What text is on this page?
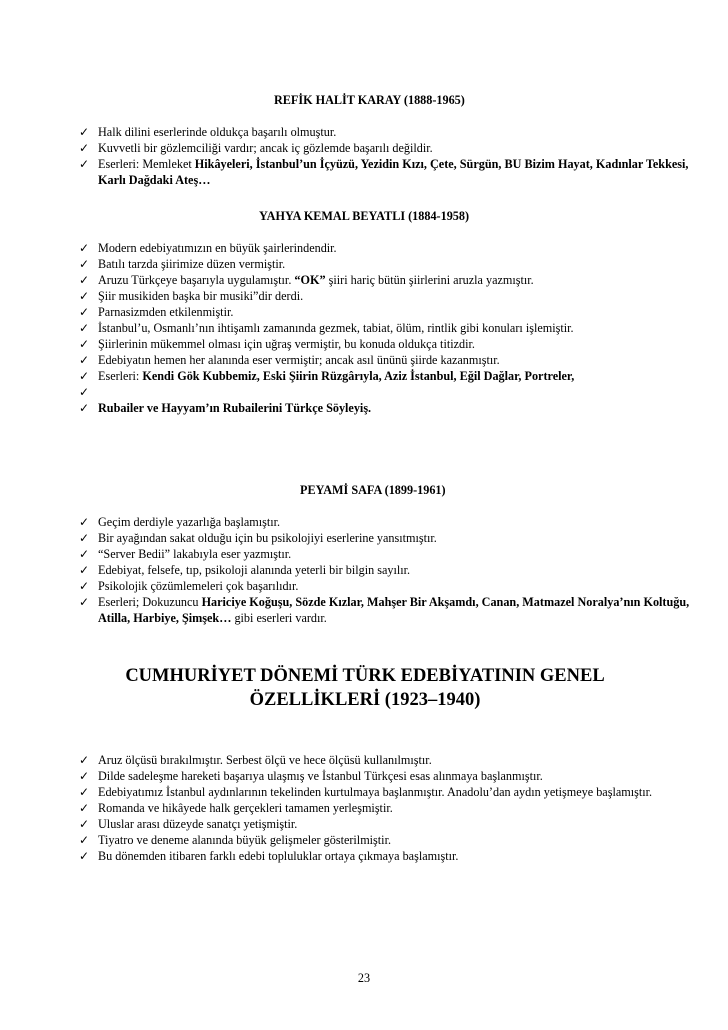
REFİK HALİT KARAY (1888-1965)
✓ Halk dilini eserlerinde oldukça başarılı olmuştur.
✓ Kuvvetli bir gözlemciliği vardır; ancak iç gözlemde başarılı değildir.
✓ Eserleri: Memleket Hikâyeleri, İstanbul’un İçyüzü, Yezidin Kızı, Çete, Sürgün, BU Bizim Hayat, Kadınlar Tekkesi, Karlı Dağdaki Ateş…
YAHYA KEMAL BEYATLI (1884-1958)
✓ Modern edebiyatımızın en büyük şairlerindendir.
✓ Batılı tarzda şiirimize düzen vermiştir.
✓ Aruzu Türkçeye başarıyla uygulamıştır. “OK” şiiri hariç bütün şiirlerini aruzla yazmıştır.
✓ Şiir musikiden başka bir musiki”dir derdi.
✓ Parnasizmden etkilenmiştir.
✓ İstanbul’u, Osmanlı’nın ihtişamlı zamanında gezmek, tabiat, ölüm, rintlik gibi konuları işlemiştir.
✓ Şiirlerinin mükemmel olması için uğraş vermiştir, bu konuda oldukça titizdir.
✓ Edebiyatın hemen her alanında eser vermiştir; ancak asıl ününü şiirde kazanmıştır.
✓ Eserleri: Kendi Gök Kubbemiz, Eski Şiirin Rüzgârıyla, Aziz İstanbul, Eğil Dağlar, Portreler,
✓
✓ Rubailer ve Hayyam’ın Rubailerini Türkçe Söyleyiş.
PEYAMİ SAFA (1899-1961)
✓ Geçim derdiyle yazarlığa başlamıştır.
✓ Bir ayağından sakat olduğu için bu psikolojiyi eserlerine yansıtmıştır.
✓ “Server Bedii” lakabıyla eser yazmıştır.
✓ Edebiyat, felsefe, tıp, psikoloji alanında yeterli bir bilgin sayılır.
✓ Psikolojik çözümlemeleri çok başarılıdır.
✓ Eserleri; Dokuzuncu Hariciye Koğuşu, Sözde Kızlar, Mahşer Bir Akşamdı, Canan, Matmazel Noralya’nın Koltuğu, Atilla, Harbiye, Şimşek… gibi eserleri vardır.
CUMHURİYET DÖNEMİ TÜRK EDEBİYATININ GENEL
ÖZELLİKLERİ (1923–1940)
✓ Aruz ölçüsü bırakılmıştır. Serbest ölçü ve hece ölçüsü kullanılmıştır.
✓ Dilde sadeleşme hareketi başarıya ulaşmış ve İstanbul Türkçesi esas alınmaya başlanmıştır.
✓ Edebiyatımız İstanbul aydınlarının tekelinden kurtulmaya başlanmıştır. Anadolu’dan aydın yetişmeye başlamıştır.
✓ Romanda ve hikâyede halk gerçekleri tamamen yerleşmiştir.
✓ Uluslar arası düzeyde sanatçı yetişmiştir.
✓ Tiyatro ve deneme alanında büyük gelişmeler gösterilmiştir.
✓ Bu dönemden itibaren farklı edebi topluluklar ortaya çıkmaya başlamıştır.
23
